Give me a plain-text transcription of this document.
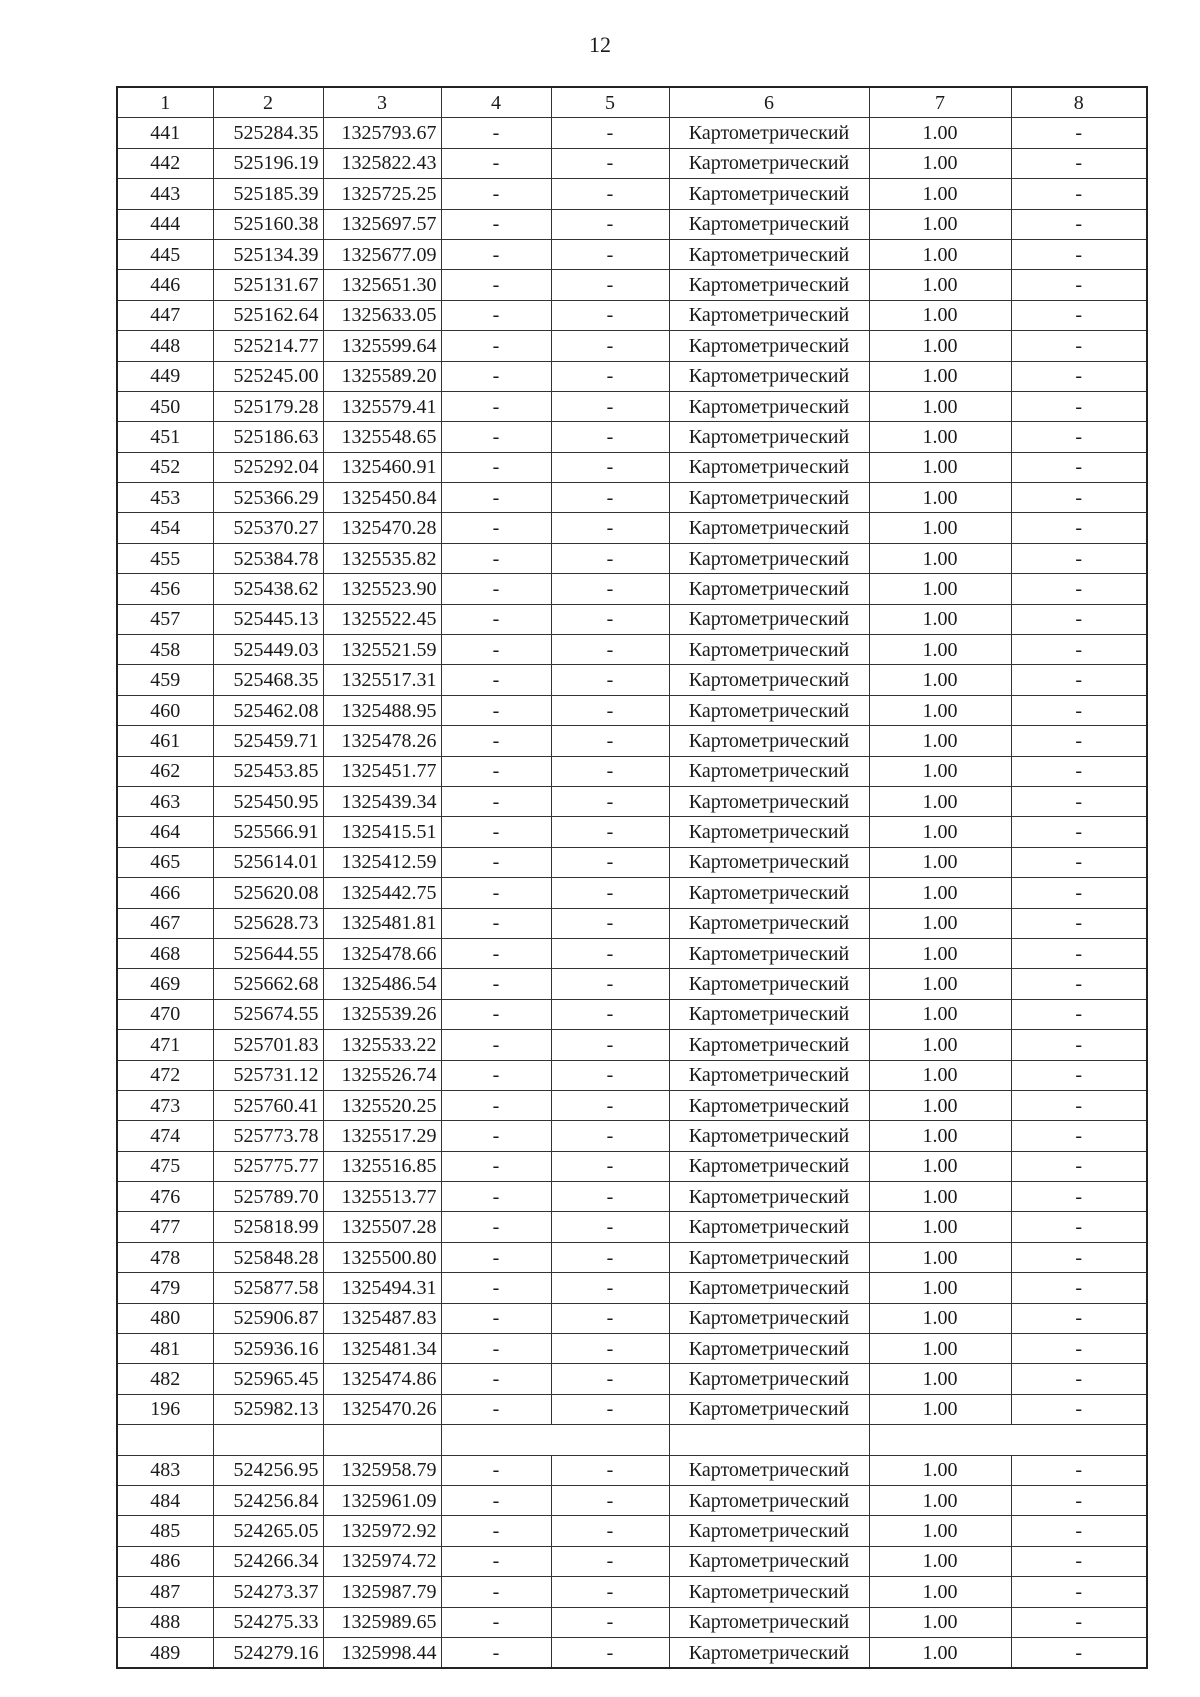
12
1	2	3	4	5	6	7	8
441	525284.35	1325793.67	-	-	Картометрический	1.00	-
442	525196.19	1325822.43	-	-	Картометрический	1.00	-
443	525185.39	1325725.25	-	-	Картометрический	1.00	-
444	525160.38	1325697.57	-	-	Картометрический	1.00	-
445	525134.39	1325677.09	-	-	Картометрический	1.00	-
446	525131.67	1325651.30	-	-	Картометрический	1.00	-
447	525162.64	1325633.05	-	-	Картометрический	1.00	-
448	525214.77	1325599.64	-	-	Картометрический	1.00	-
449	525245.00	1325589.20	-	-	Картометрический	1.00	-
450	525179.28	1325579.41	-	-	Картометрический	1.00	-
451	525186.63	1325548.65	-	-	Картометрический	1.00	-
452	525292.04	1325460.91	-	-	Картометрический	1.00	-
453	525366.29	1325450.84	-	-	Картометрический	1.00	-
454	525370.27	1325470.28	-	-	Картометрический	1.00	-
455	525384.78	1325535.82	-	-	Картометрический	1.00	-
456	525438.62	1325523.90	-	-	Картометрический	1.00	-
457	525445.13	1325522.45	-	-	Картометрический	1.00	-
458	525449.03	1325521.59	-	-	Картометрический	1.00	-
459	525468.35	1325517.31	-	-	Картометрический	1.00	-
460	525462.08	1325488.95	-	-	Картометрический	1.00	-
461	525459.71	1325478.26	-	-	Картометрический	1.00	-
462	525453.85	1325451.77	-	-	Картометрический	1.00	-
463	525450.95	1325439.34	-	-	Картометрический	1.00	-
464	525566.91	1325415.51	-	-	Картометрический	1.00	-
465	525614.01	1325412.59	-	-	Картометрический	1.00	-
466	525620.08	1325442.75	-	-	Картометрический	1.00	-
467	525628.73	1325481.81	-	-	Картометрический	1.00	-
468	525644.55	1325478.66	-	-	Картометрический	1.00	-
469	525662.68	1325486.54	-	-	Картометрический	1.00	-
470	525674.55	1325539.26	-	-	Картометрический	1.00	-
471	525701.83	1325533.22	-	-	Картометрический	1.00	-
472	525731.12	1325526.74	-	-	Картометрический	1.00	-
473	525760.41	1325520.25	-	-	Картометрический	1.00	-
474	525773.78	1325517.29	-	-	Картометрический	1.00	-
475	525775.77	1325516.85	-	-	Картометрический	1.00	-
476	525789.70	1325513.77	-	-	Картометрический	1.00	-
477	525818.99	1325507.28	-	-	Картометрический	1.00	-
478	525848.28	1325500.80	-	-	Картометрический	1.00	-
479	525877.58	1325494.31	-	-	Картометрический	1.00	-
480	525906.87	1325487.83	-	-	Картометрический	1.00	-
481	525936.16	1325481.34	-	-	Картометрический	1.00	-
482	525965.45	1325474.86	-	-	Картометрический	1.00	-
196	525982.13	1325470.26	-	-	Картометрический	1.00	-

483	524256.95	1325958.79	-	-	Картометрический	1.00	-
484	524256.84	1325961.09	-	-	Картометрический	1.00	-
485	524265.05	1325972.92	-	-	Картометрический	1.00	-
486	524266.34	1325974.72	-	-	Картометрический	1.00	-
487	524273.37	1325987.79	-	-	Картометрический	1.00	-
488	524275.33	1325989.65	-	-	Картометрический	1.00	-
489	524279.16	1325998.44	-	-	Картометрический	1.00	-
